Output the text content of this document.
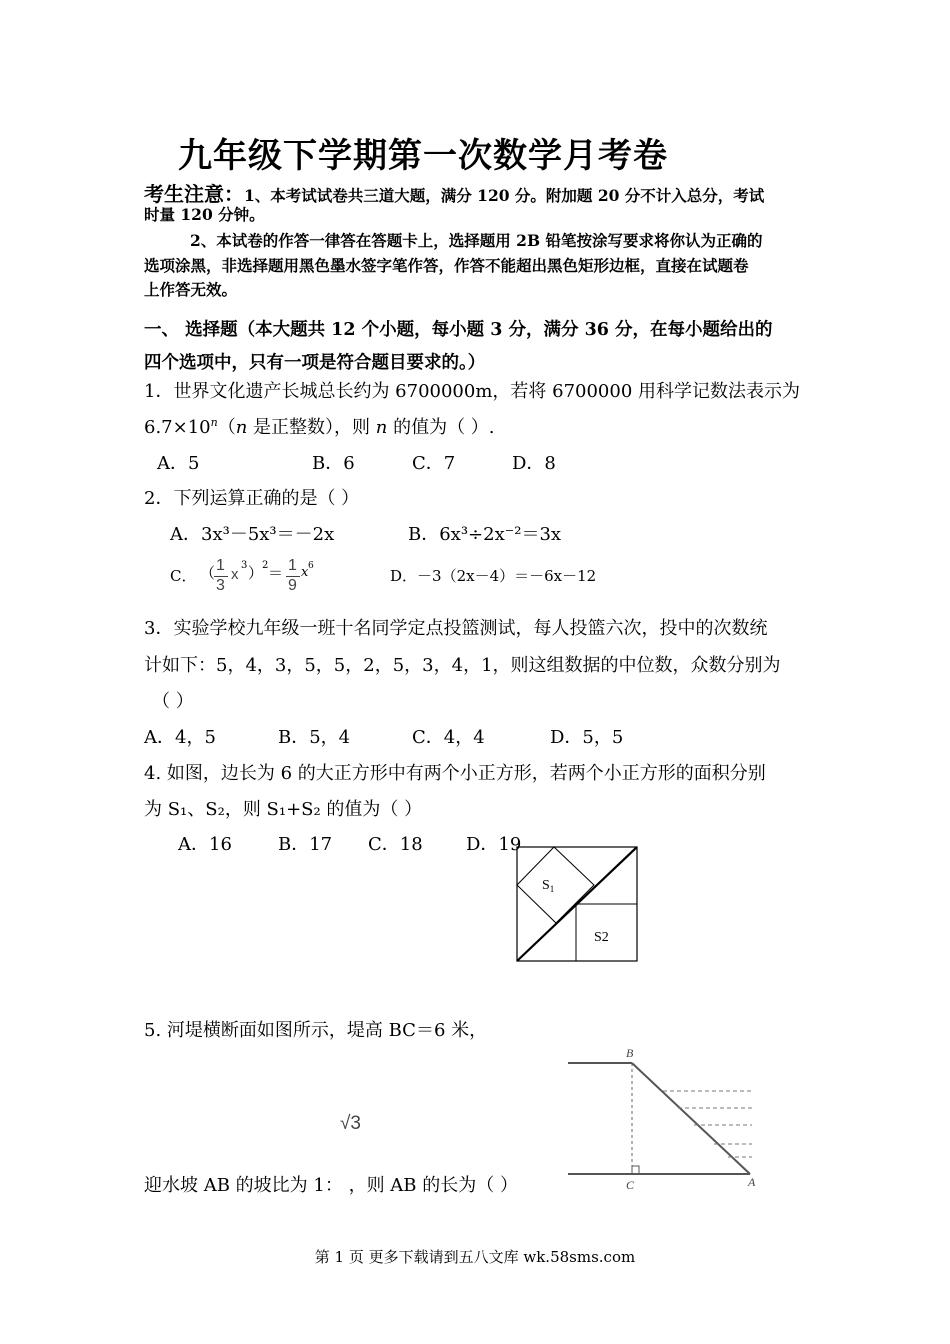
九年级下学期第一次数学月考卷
考生注意：1、本考试试卷共三道大题，满分 120 分。附加题 20 分不计入总分，考试
时量 120 分钟。
2、本试卷的作答一律答在答题卡上，选择题用 2B 铅笔按涂写要求将你认为正确的
选项涂黑，非选择题用黑色墨水签字笔作答，作答不能超出黑色矩形边框，直接在试题卷
上作答无效。
一、 选择题（本大题共 12 个小题，每小题 3 分，满分 36 分，在每小题给出的
四个选项中，只有一项是符合题目要求的。）
1．世界文化遗产长城总长约为 6700000m，若将 6700000 用科学记数法表示为
$6.7\times 10^n(n$ 是正整数），则 n 的值为（ ）.
A．5	B．6	C．7	D．8
2．下列运算正确的是（ ）
A．3x³－5x³＝－2x	B．6x³÷2x⁻²＝3x
C． （ 1
3
x
3 ）
2 ＝ 1
9
x 6
D．－3（2x－4）＝－6x－12
3．实验学校九年级一班十名同学定点投篮测试，每人投篮六次，投中的次数统
计如下：5，4，3，5，5，2，5，3，4，1，则这组数据的中位数，众数分别为
（ ）
A．4，5	B．5，4	C．4，4	D．5，5
4. 如图，边长为 6 的大正方形中有两个小正方形，若两个小正方形的面积分别
为 S₁、S₂，则 S₁+S₂ 的值为（ ）
A．16	B．17 C．18 D．19
$S_1$
S2
5. 河堤横断面如图所示，堤高 BC＝6 米，
√3
迎水坡 AB 的坡比为 1： ，则 AB 的长为（ ）
B
C	A
第 1 页 更多下载请到五八文库 wk.58sms.com
